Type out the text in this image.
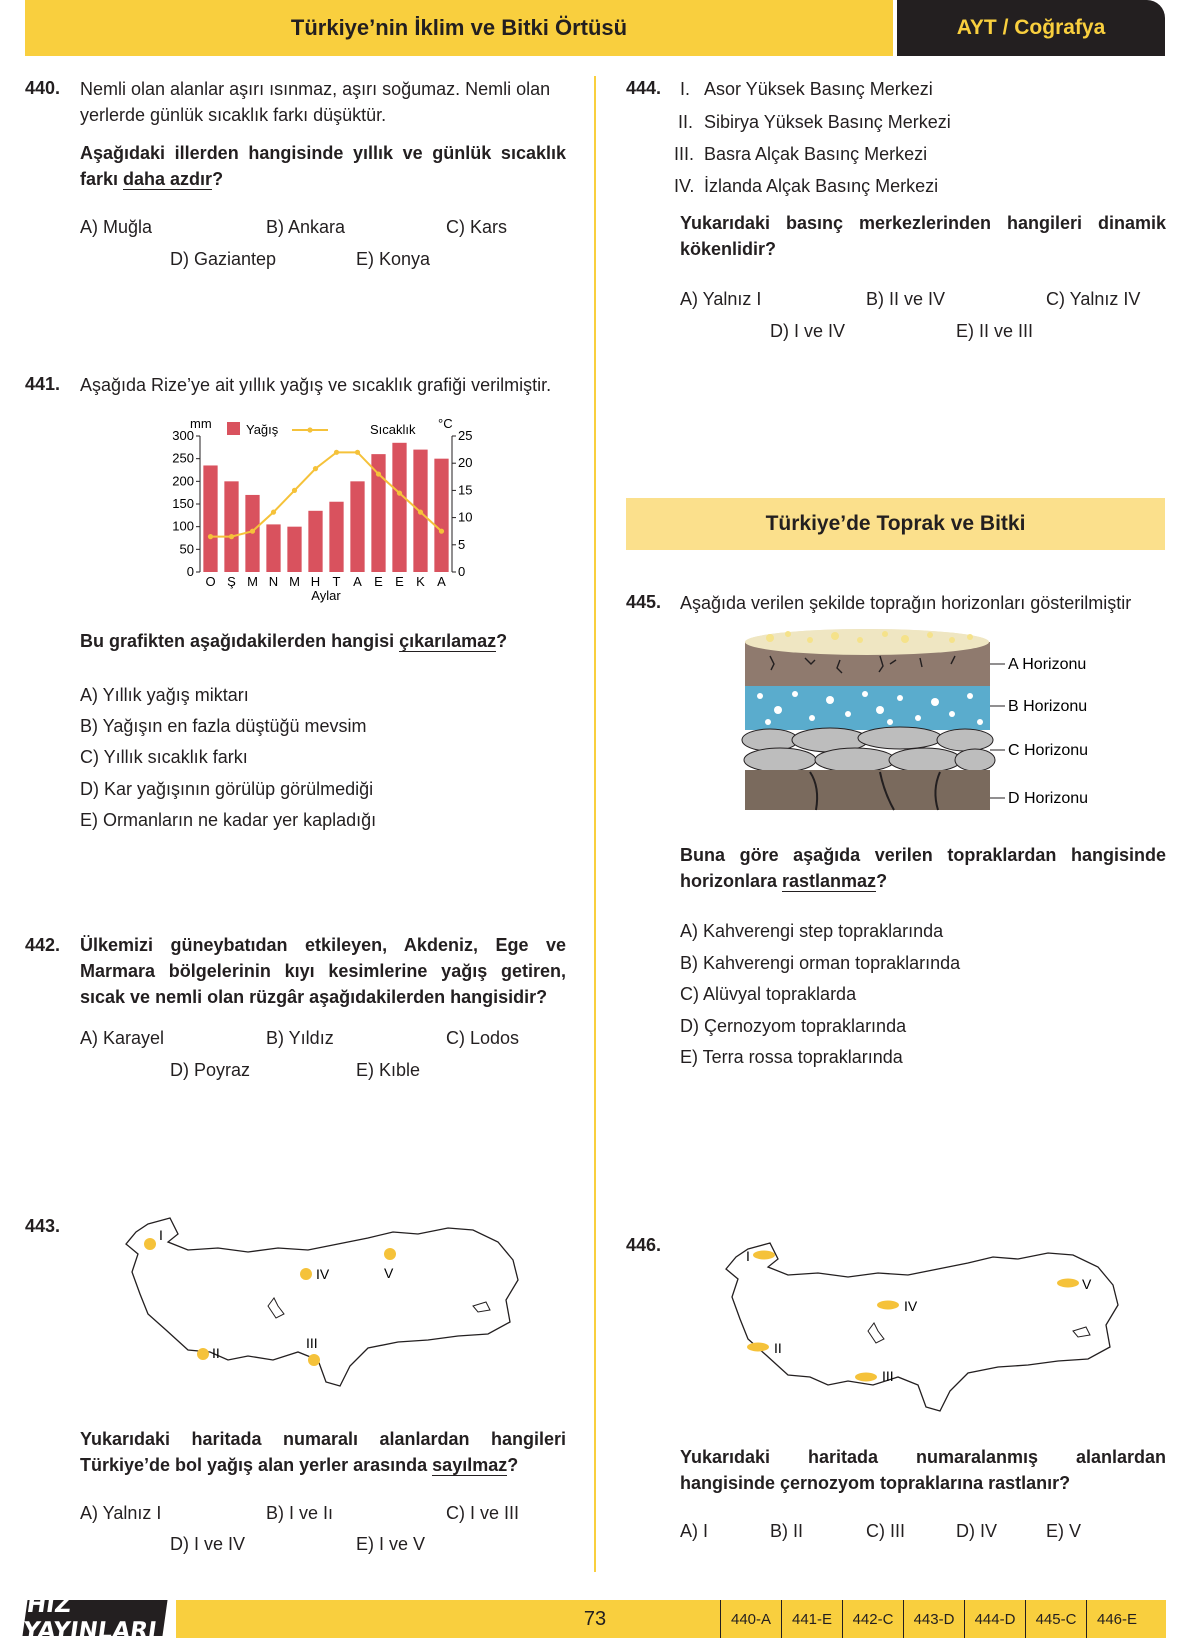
Türkiye’nin İklim ve Bitki Örtüsü	AYT / Coğrafya
440. Nemli olan alanlar aşırı ısınmaz, aşırı soğumaz. Nemli olan yerlerde günlük sıcaklık farkı düşüktür.
Aşağıdaki illerden hangisinde yıllık ve günlük sıcaklık farkı daha azdır?
A) Muğla	B) Ankara	C) Kars
D) Gaziantep	E) Konya
441. Aşağıda Rize’ye ait yıllık yağış ve sıcaklık grafiği verilmiştir.
0
50
100
150
200
250
300
0
5
10
15
20
25
O Ş M N M H T A E E K A
mm	°C
Yağış	Sıcaklık
Aylar
Bu grafikten aşağıdakilerden hangisi çıkarılamaz?
A) Yıllık yağış miktarı
B) Yağışın en fazla düştüğü mevsim
C) Yıllık sıcaklık farkı
D) Kar yağışının görülüp görülmediği
E) Ormanların ne kadar yer kapladığı
442. Ülkemizi güneybatıdan etkileyen, Akdeniz, Ege ve Marmara bölgelerinin kıyı kesimlerine yağış getiren, sıcak ve nemli olan rüzgâr aşağıdakilerden hangisidir?
A) Karayel	B) Yıldız	C) Lodos
D) Poyraz	E) Kıble
443.	I
II
III
IV	V
Yukarıdaki haritada numaralı alanlardan hangileri Türkiye’de bol yağış alan yerler arasında sayılmaz?
A) Yalnız I	B) I ve Iı	C) I ve III
D) I ve IV	E) I ve V
444. I. Asor Yüksek Basınç Merkezi
II. Sibirya Yüksek Basınç Merkezi
III. Basra Alçak Basınç Merkezi
IV. İzlanda Alçak Basınç Merkezi
Yukarıdaki basınç merkezlerinden hangileri dinamik kökenlidir?
A) Yalnız I	B) II ve IV	C) Yalnız IV
D) I ve IV	E) II ve III
Türkiye’de Toprak ve Bitki
445. Aşağıda verilen şekilde toprağın horizonları gösterilmiştir
A Horizonu
B Horizonu
C Horizonu
D Horizonu
Buna göre aşağıda verilen topraklardan hangisinde horizonlara rastlanmaz?
A) Kahverengi step topraklarında
B) Kahverengi orman topraklarında
C) Alüvyal topraklarda
D) Çernozyom topraklarında
E) Terra rossa topraklarında
446.
I
II
III
IV
V
Yukarıdaki haritada numaralanmış alanlardan hangisinde çernozyom topraklarına rastlanır?
A) I	B) II	C) III	D) IV	E) V
HIZ YAYINLARI	73	440-A	441-E	442-C	443-D	444-D	445-C	446-E
